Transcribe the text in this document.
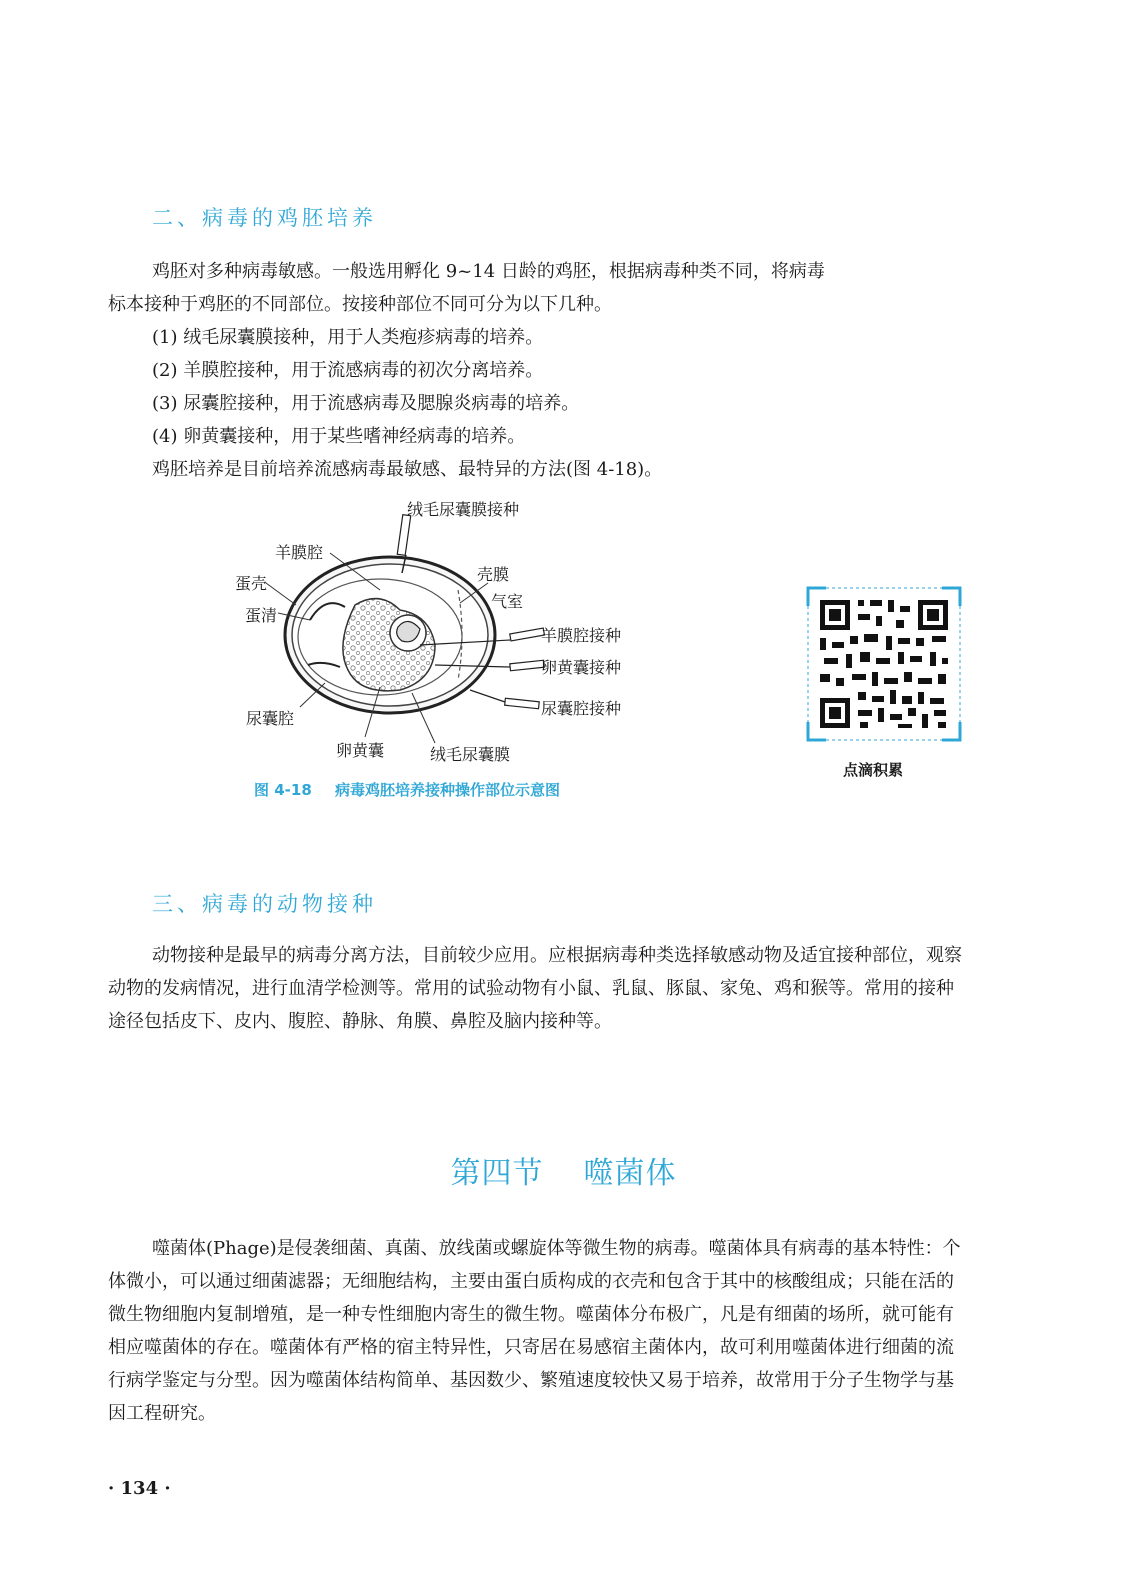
二、病毒的鸡胚培养

鸡胚对多种病毒敏感。一般选用孵化 9~14 日龄的鸡胚，根据病毒种类不同，将病毒

标本接种于鸡胚的不同部位。按接种部位不同可分为以下几种。

(1) 绒毛尿囊膜接种，用于人类疱疹病毒的培养。

(2) 羊膜腔接种，用于流感病毒的初次分离培养。

(3) 尿囊腔接种，用于流感病毒及腮腺炎病毒的培养。

(4) 卵黄囊接种，用于某些嗜神经病毒的培养。

鸡胚培养是目前培养流感病毒最敏感、最特异的方法(图 4-18)。

绒毛尿囊膜接种
羊膜腔
蛋壳
蛋清
壳膜
气室
羊膜腔接种
卵黄囊接种
尿囊腔接种
尿囊腔
卵黄囊	绒毛尿囊膜
图 4-18 病毒鸡胚培养接种操作部位示意图
点滴积累
三、病毒的动物接种
动物接种是最早的病毒分离方法，目前较少应用。应根据病毒种类选择敏感动物及适宜接种部位，观察动物的发病情况，进行血清学检测等。常用的试验动物有小鼠、乳鼠、豚鼠、家兔、鸡和猴等。常用的接种途径包括皮下、皮内、腹腔、静脉、角膜、鼻腔及脑内接种等。
第四节 噬菌体
噬菌体(Phage)是侵袭细菌、真菌、放线菌或螺旋体等微生物的病毒。噬菌体具有病毒的基本特性：个体微小，可以通过细菌滤器；无细胞结构，主要由蛋白质构成的衣壳和包含于其中的核酸组成；只能在活的微生物细胞内复制增殖，是一种专性细胞内寄生的微生物。噬菌体分布极广，凡是有细菌的场所，就可能有相应噬菌体的存在。噬菌体有严格的宿主特异性，只寄居在易感宿主菌体内，故可利用噬菌体进行细菌的流行病学鉴定与分型。因为噬菌体结构简单、基因数少、繁殖速度较快又易于培养，故常用于分子生物学与基因工程研究。
· 134 ·
